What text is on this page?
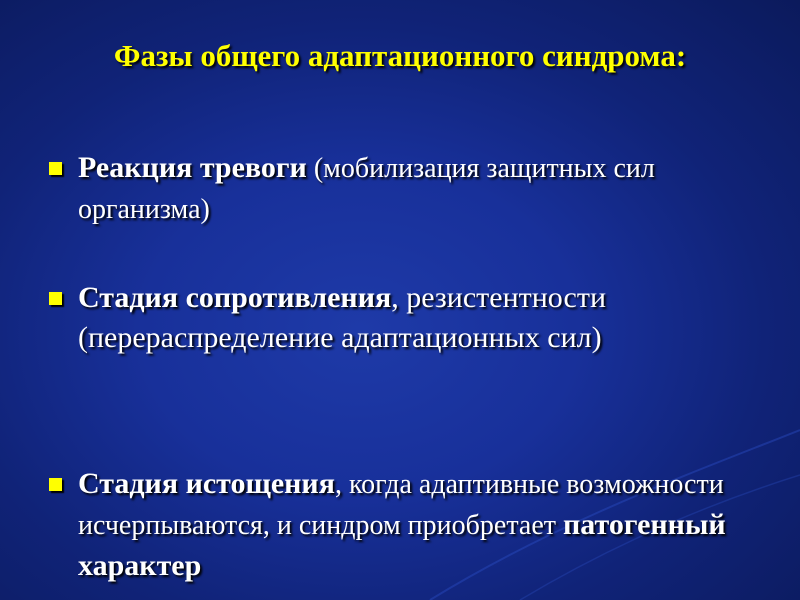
Фазы общего адаптационного синдрома:
Реакция тревоги (мобилизация защитных сил организма)
Стадия сопротивления, резистентности (перераспределение адаптационных сил)
Стадия истощения, когда адаптивные возможности исчерпываются, и синдром приобретает патогенный характер
